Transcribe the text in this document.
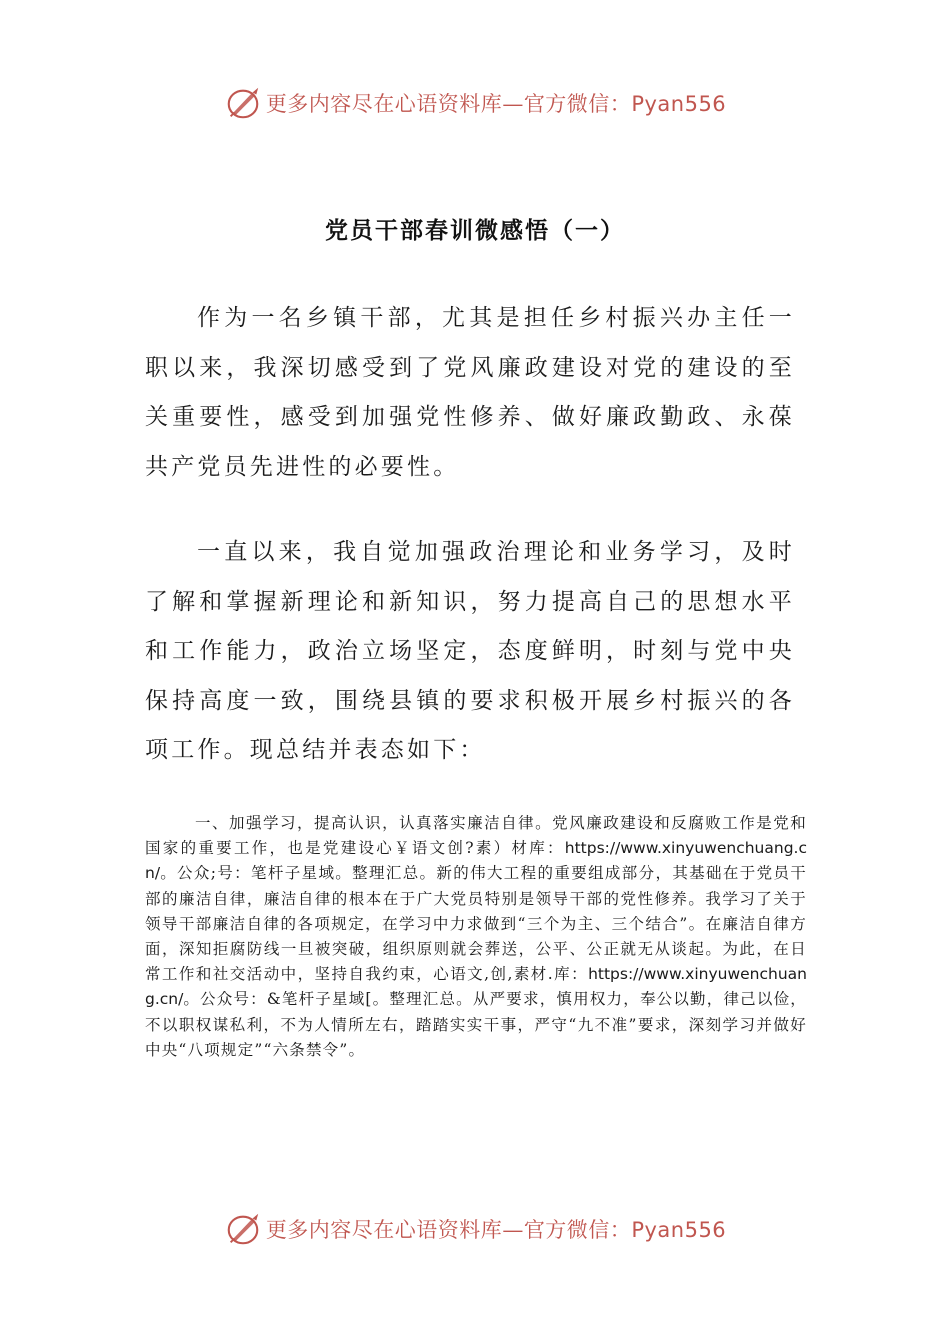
更多内容尽在心语资料库—官方微信：Pyan556
党员干部春训微感悟（一）

作为一名乡镇干部，尤其是担任乡村振兴办主任一职以来，我深切感受到了党风廉政建设对党的建设的至关重要性，感受到加强党性修养、做好廉政勤政、永葆共产党员先进性的必要性。

一直以来，我自觉加强政治理论和业务学习，及时了解和掌握新理论和新知识，努力提高自己的思想水平和工作能力，政治立场坚定，态度鲜明，时刻与党中央保持高度一致，围绕县镇的要求积极开展乡村振兴的各项工作。现总结并表态如下：

一、加强学习，提高认识，认真落实廉洁自律。党风廉政建设和反腐败工作是党和国家的重要工作，也是党建设心￥语文创?素）材库：https://www.xinyuwenchuang.cn/。公众;号：笔杆子星域。整理汇总。新的伟大工程的重要组成部分，其基础在于党员干部的廉洁自律，廉洁自律的根本在于广大党员特别是领导干部的党性修养。我学习了关于领导干部廉洁自律的各项规定，在学习中力求做到“三个为主、三个结合”。在廉洁自律方面，深知拒腐防线一旦被突破，组织原则就会葬送，公平、公正就无从谈起。为此，在日常工作和社交活动中，坚持自我约束，心语文,创,素材.库：https://www.xinyuwenchuang.cn/。公众号：&笔杆子星域[。整理汇总。从严要求，慎用权力，奉公以勤，律己以俭，不以职权谋私利，不为人情所左右，踏踏实实干事，严守“九不准”要求，深刻学习并做好中央“八项规定”“六条禁令”。

更多内容尽在心语资料库—官方微信：Pyan556
